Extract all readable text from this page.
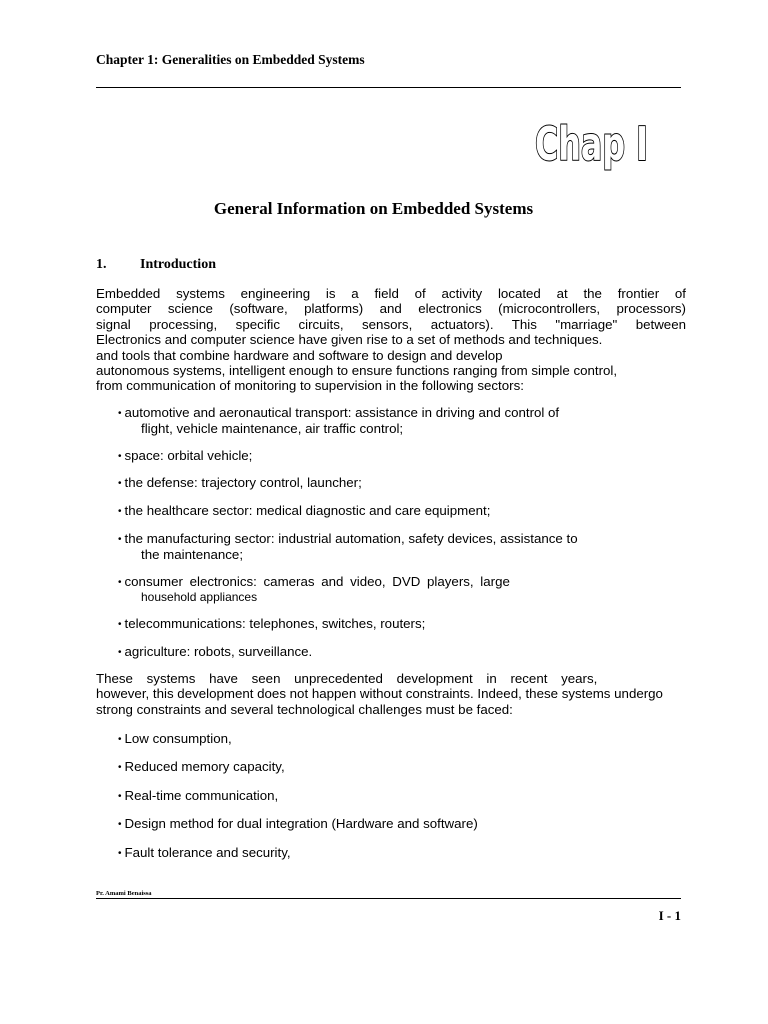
Chapter 1: Generalities on Embedded Systems
Chap I
General Information on Embedded Systems
1. Introduction
Embedded systems engineering is a field of activity located at the frontier of
computer science (software, platforms) and electronics (microcontrollers, processors)
signal processing, specific circuits, sensors, actuators). This "marriage" between
Electronics and computer science have given rise to a set of methods and techniques.
and tools that combine hardware and software to design and develop
autonomous systems, intelligent enough to ensure functions ranging from simple control,
from communication of monitoring to supervision in the following sectors:
• automotive and aeronautical transport: assistance in driving and control of
flight, vehicle maintenance, air traffic control;
• space: orbital vehicle;
• the defense: trajectory control, launcher;
• the healthcare sector: medical diagnostic and care equipment;
• the manufacturing sector: industrial automation, safety devices, assistance to
the maintenance;
• consumer electronics: cameras and video, DVD players, large
household appliances
• telecommunications: telephones, switches, routers;
• agriculture: robots, surveillance.
These systems have seen unprecedented development in recent years,
however, this development does not happen without constraints. Indeed, these systems undergo
strong constraints and several technological challenges must be faced:
• Low consumption,
• Reduced memory capacity,
• Real-time communication,
• Design method for dual integration (Hardware and software)
• Fault tolerance and security,
Pr. Amami Benaissa
I - 1
